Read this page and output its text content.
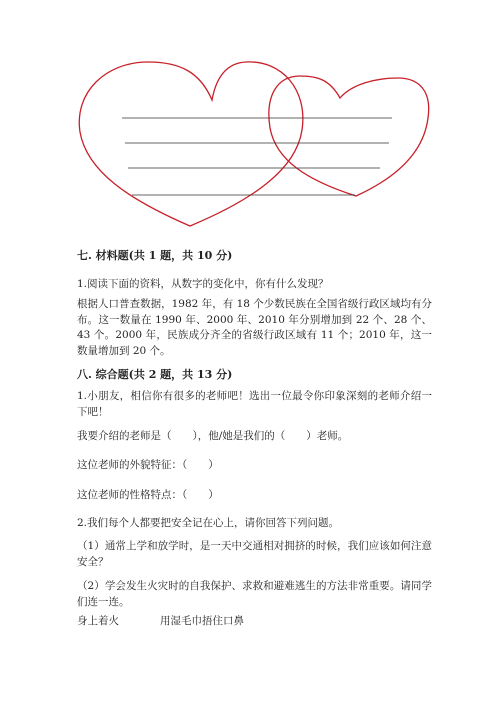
七. 材料题(共 1 题，共 10 分)
1.阅读下面的资料，从数字的变化中，你有什么发现？
根据人口普查数据，1982 年，有 18 个少数民族在全国省级行政区域均有分布。这一数量在 1990 年、2000 年、2010 年分别增加到 22 个、28 个、43 个。2000 年，民族成分齐全的省级行政区域有 11 个；2010 年，这一数量增加到 20 个。
八. 综合题(共 2 题，共 13 分)
1.小朋友，相信你有很多的老师吧！选出一位最令你印象深刻的老师介绍一下吧！
我要介绍的老师是（　　），他/她是我们的（　　）老师。
这位老师的外貌特征：（　　）
这位老师的性格特点：（　　）
2.我们每个人都要把安全记在心上，请你回答下列问题。
（1）通常上学和放学时，是一天中交通相对拥挤的时候，我们应该如何注意安全？
（2）学会发生火灾时的自我保护、求救和避难逃生的方法非常重要。请同学们连一连。
身上着火	用湿毛巾捂住口鼻
